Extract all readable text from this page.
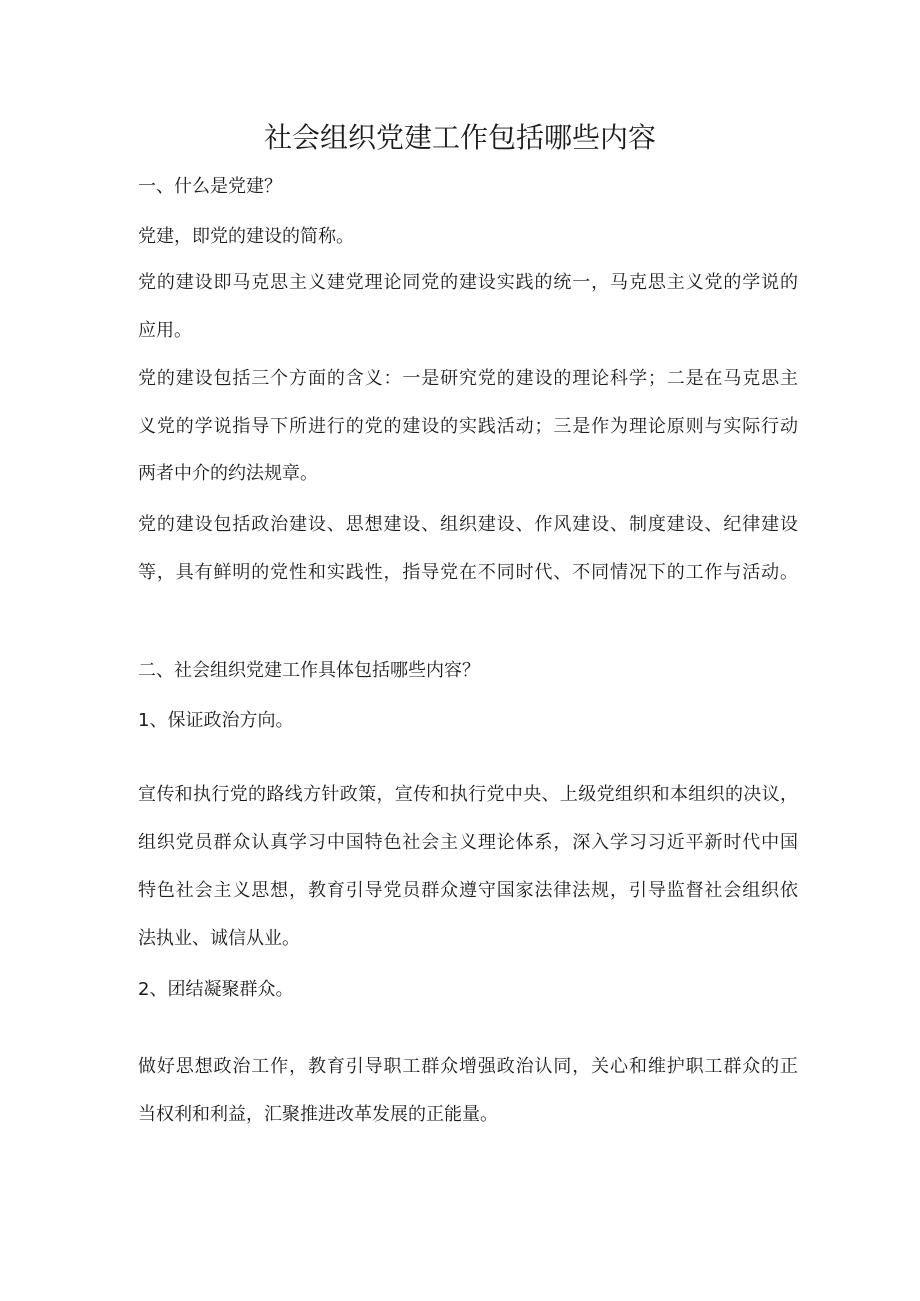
社会组织党建工作包括哪些内容

一、什么是党建？

党建，即党的建设的简称。

党的建设即马克思主义建党理论同党的建设实践的统一，马克思主义党的学说的

应用。

党的建设包括三个方面的含义：一是研究党的建设的理论科学；二是在马克思主

义党的学说指导下所进行的党的建设的实践活动；三是作为理论原则与实际行动

两者中介的约法规章。

党的建设包括政治建设、思想建设、组织建设、作风建设、制度建设、纪律建设

等，具有鲜明的党性和实践性，指导党在不同时代、不同情况下的工作与活动。

二、社会组织党建工作具体包括哪些内容？

1、保证政治方向。

宣传和执行党的路线方针政策，宣传和执行党中央、上级党组织和本组织的决议，

组织党员群众认真学习中国特色社会主义理论体系，深入学习习近平新时代中国

特色社会主义思想，教育引导党员群众遵守国家法律法规，引导监督社会组织依

法执业、诚信从业。

2、团结凝聚群众。

做好思想政治工作，教育引导职工群众增强政治认同，关心和维护职工群众的正

当权利和利益，汇聚推进改革发展的正能量。
